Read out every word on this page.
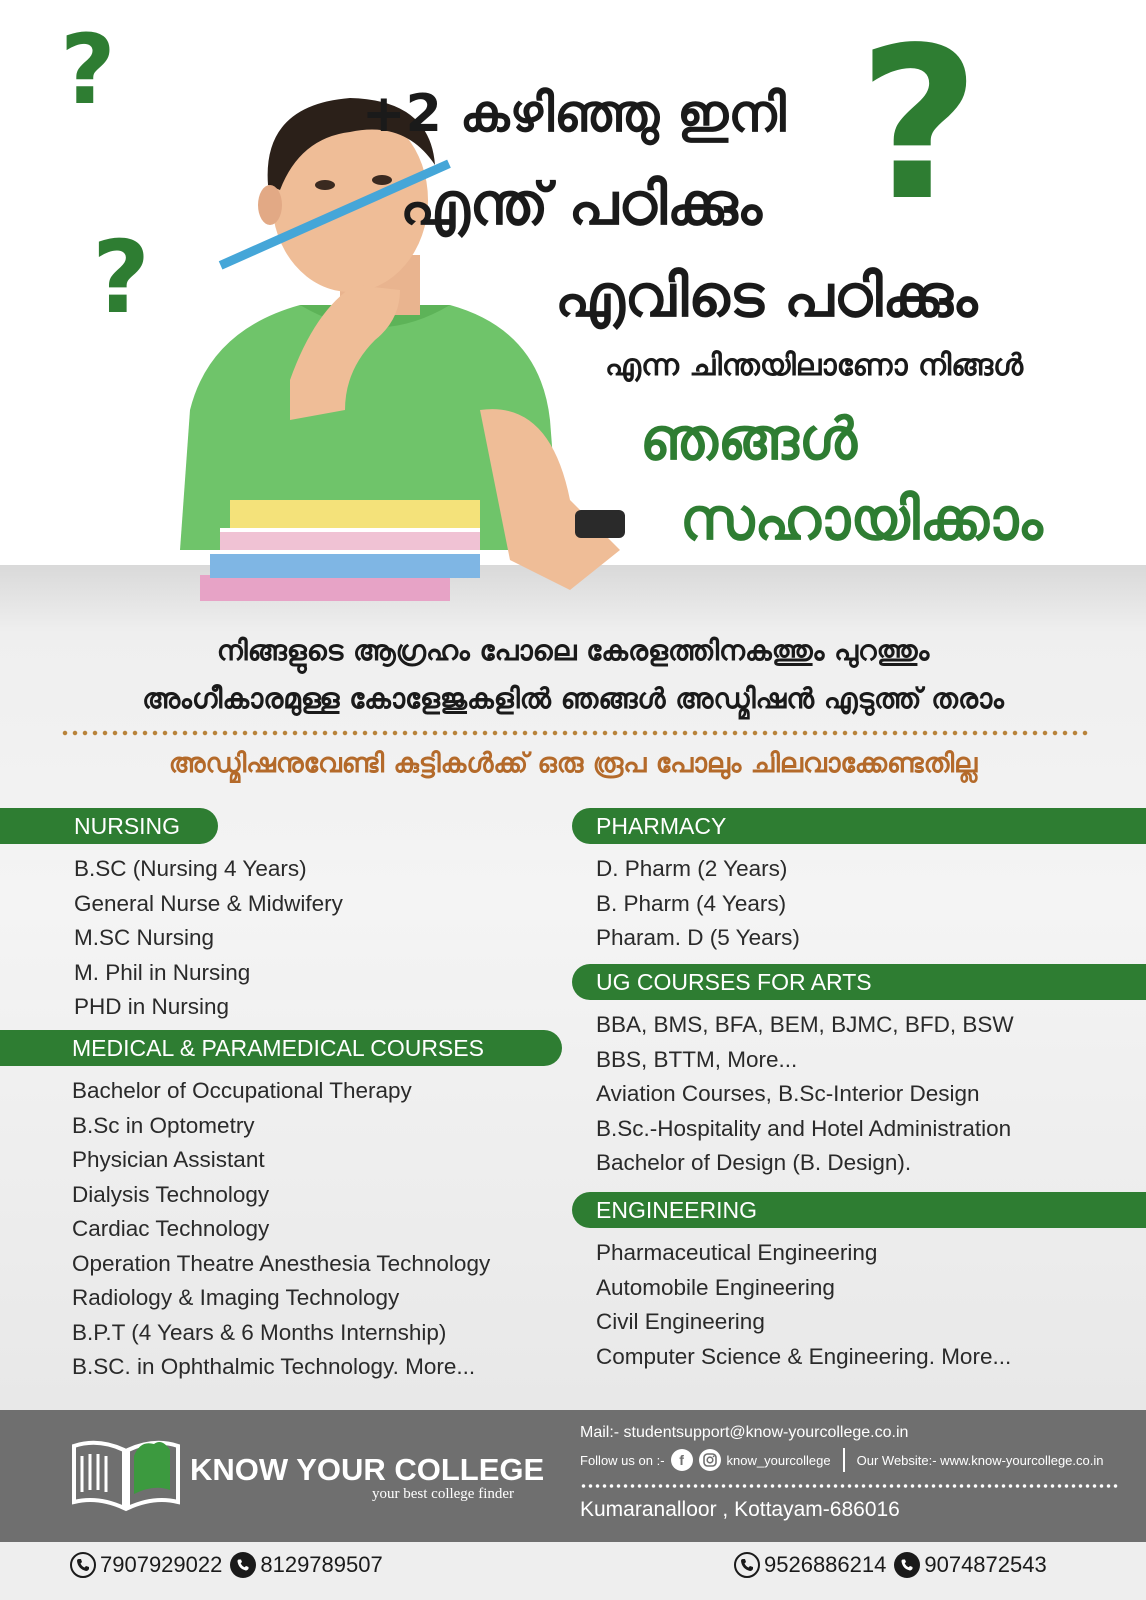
?
?
?
+2 കഴിഞ്ഞു ഇനി
എന്ത് പഠിക്കും
എവിടെ പഠിക്കും
എന്ന ചിന്തയിലാണോ നിങ്ങൾ
ഞങ്ങൾ
സഹായിക്കാം
നിങ്ങളുടെ ആഗ്രഹം പോലെ കേരളത്തിനകത്തും പുറത്തും
അംഗീകാരമുള്ള കോളേജുകളിൽ ഞങ്ങൾ അഡ്മിഷൻ എടുത്ത് തരാം
അഡ്മിഷനുവേണ്ടി കുട്ടികൾക്ക് ഒരു രൂപ പോലും ചിലവാക്കേണ്ടതില്ല
NURSING
B.SC (Nursing 4 Years)
General Nurse & Midwifery
M.SC Nursing
M. Phil in Nursing
PHD in Nursing
MEDICAL & PARAMEDICAL COURSES
Bachelor of Occupational Therapy
B.Sc in Optometry
Physician Assistant
Dialysis Technology
Cardiac Technology
Operation Theatre Anesthesia Technology
Radiology & Imaging Technology
B.P.T (4 Years & 6 Months Internship)
B.SC. in Ophthalmic Technology. More...
PHARMACY
D. Pharm (2 Years)
B. Pharm (4 Years)
Pharam. D (5 Years)
UG COURSES FOR ARTS
BBA, BMS, BFA, BEM, BJMC, BFD, BSW
BBS, BTTM, More...
Aviation Courses, B.Sc-Interior Design
B.Sc.-Hospitality and Hotel Administration
Bachelor of Design (B. Design).
ENGINEERING
Pharmaceutical Engineering
Automobile Engineering
Civil Engineering
Computer Science & Engineering. More...
KNOW YOUR COLLEGE
your best college finder
Mail:- studentsupport@know-yourcollege.co.in
Follow us on :-	f	know_yourcollege Our Website:- www.know-yourcollege.co.in
Kumaranalloor , Kottayam-686016
7907929022 8129789507	9526886214 9074872543
